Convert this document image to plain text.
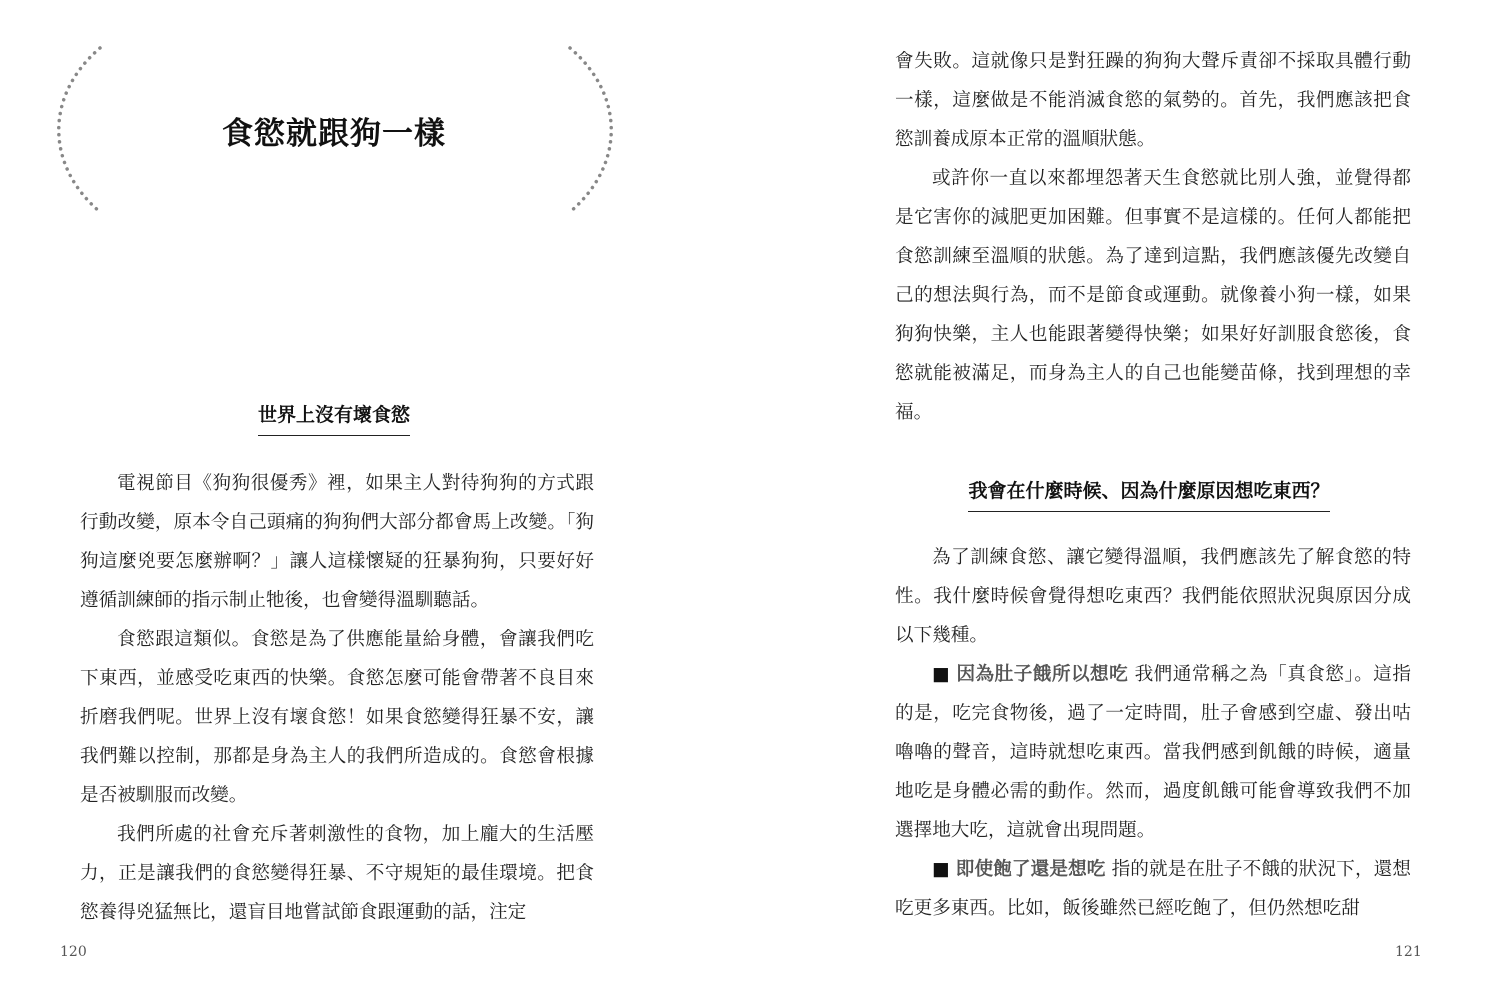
食慾就跟狗一樣
世界上沒有壞食慾

電視節目《狗狗很優秀》裡，如果主人對待狗狗的方式跟行動改變，原本令自己頭痛的狗狗們大部分都會馬上改變。「狗狗這麼兇要怎麼辦啊？」讓人這樣懷疑的狂暴狗狗，只要好好遵循訓練師的指示制止牠後，也會變得溫馴聽話。

食慾跟這類似。食慾是為了供應能量給身體，會讓我們吃下東西，並感受吃東西的快樂。食慾怎麼可能會帶著不良目來折磨我們呢。世界上沒有壞食慾！如果食慾變得狂暴不安，讓我們難以控制，那都是身為主人的我們所造成的。食慾會根據是否被馴服而改變。

我們所處的社會充斥著刺激性的食物，加上龐大的生活壓力，正是讓我們的食慾變得狂暴、不守規矩的最佳環境。把食慾養得兇猛無比，還盲目地嘗試節食跟運動的話，注定

120

會失敗。這就像只是對狂躁的狗狗大聲斥責卻不採取具體行動一樣，這麼做是不能消滅食慾的氣勢的。首先，我們應該把食慾訓養成原本正常的溫順狀態。

或許你一直以來都埋怨著天生食慾就比別人強，並覺得都是它害你的減肥更加困難。但事實不是這樣的。任何人都能把食慾訓練至溫順的狀態。為了達到這點，我們應該優先改變自己的想法與行為，而不是節食或運動。就像養小狗一樣，如果狗狗快樂，主人也能跟著變得快樂；如果好好訓服食慾後，食慾就能被滿足，而身為主人的自己也能變苗條，找到理想的幸福。

我會在什麼時候、因為什麼原因想吃東西？

為了訓練食慾、讓它變得溫順，我們應該先了解食慾的特性。我什麼時候會覺得想吃東西？我們能依照狀況與原因分成以下幾種。

■ 因為肚子餓所以想吃 我們通常稱之為「真食慾」。這指的是，吃完食物後，過了一定時間，肚子會感到空虛、發出咕嚕嚕的聲音，這時就想吃東西。當我們感到飢餓的時候，適量地吃是身體必需的動作。然而，過度飢餓可能會導致我們不加選擇地大吃，這就會出現問題。

■ 即使飽了還是想吃 指的就是在肚子不餓的狀況下，還想吃更多東西。比如，飯後雖然已經吃飽了，但仍然想吃甜

121
